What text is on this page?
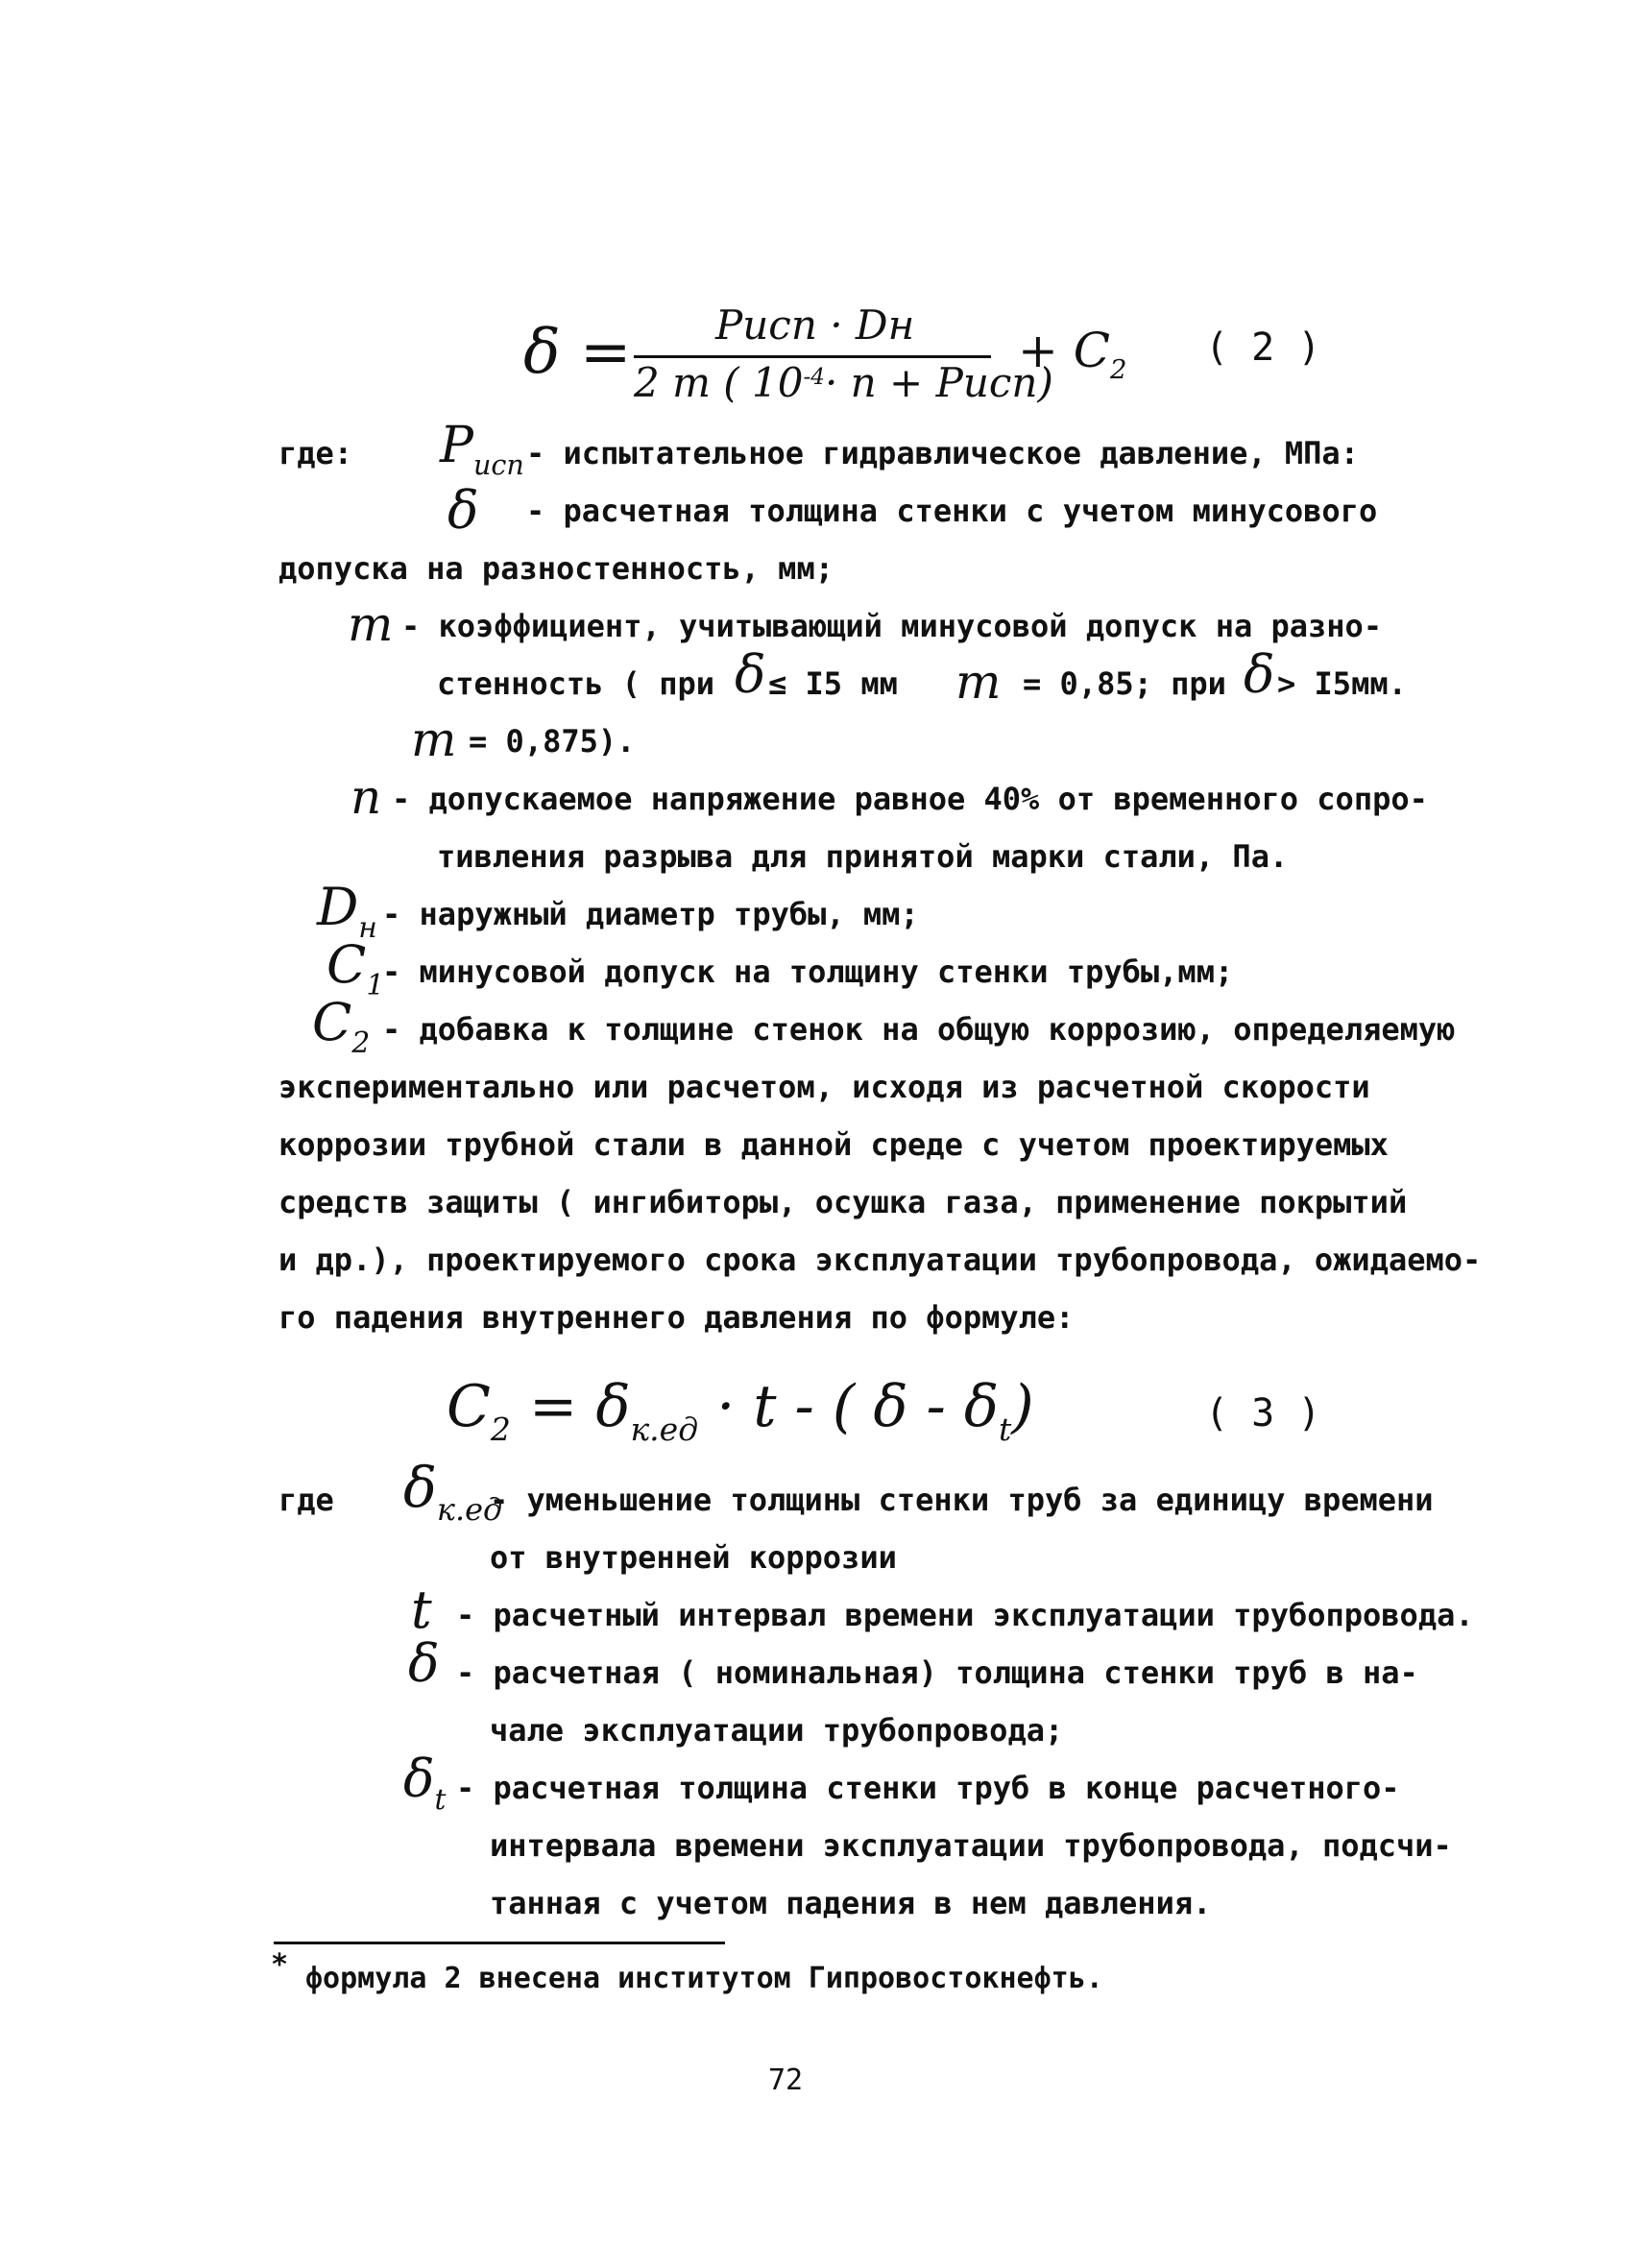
δ = Pисп · Dн
2 m ( $10^{-4}\cdot n$ + Pисп)
+ $C_2$
( 2 )
где: $P_{исп}$ - испытательное гидравлическое давление, МПа:
δ - расчетная толщина стенки с учетом минусового
допуска на разностенность, мм;
m - коэффициент, учитывающий минусовой допуск на разно-
стенность ( при δ ≤ I5 мм m = 0,85; при δ > I5мм.
m = 0,875).
n - допускаемое напряжение равное 40% от временного сопро-
тивления разрыва для принятой марки стали, Па.
$D_н$ - наружный диаметр трубы, мм;
$C_1$
- минусовой допуск на толщину стенки трубы,мм;
$C_2$ - добавка к толщине стенок на общую коррозию, определяемую
экспериментально или расчетом, исходя из расчетной скорости
коррозии трубной стали в данной среде с учетом проектируемых
средств защиты ( ингибиторы, осушка газа, применение покрытий
и др.), проектируемого срока эксплуатации трубопровода, ожидаемо-
го падения внутреннего давления по формуле:
$C_2 = \delta_{к.ед} \cdot t$ - ( δ - $\delta_t$)	( 3 )
где $\delta_{к.ед}$
- уменьшение толщины стенки труб за единицу времени
от внутренней коррозии
t - расчетный интервал времени эксплуатации трубопровода.
δ - расчетная ( номинальная) толщина стенки труб в на-
чале эксплуатации трубопровода;
$\delta_t$ - расчетная толщина стенки труб в конце расчетного-
интервала времени эксплуатации трубопровода, подсчи-
танная с учетом падения в нем давления.
* формула 2 внесена институтом Гипровостокнефть.
72
